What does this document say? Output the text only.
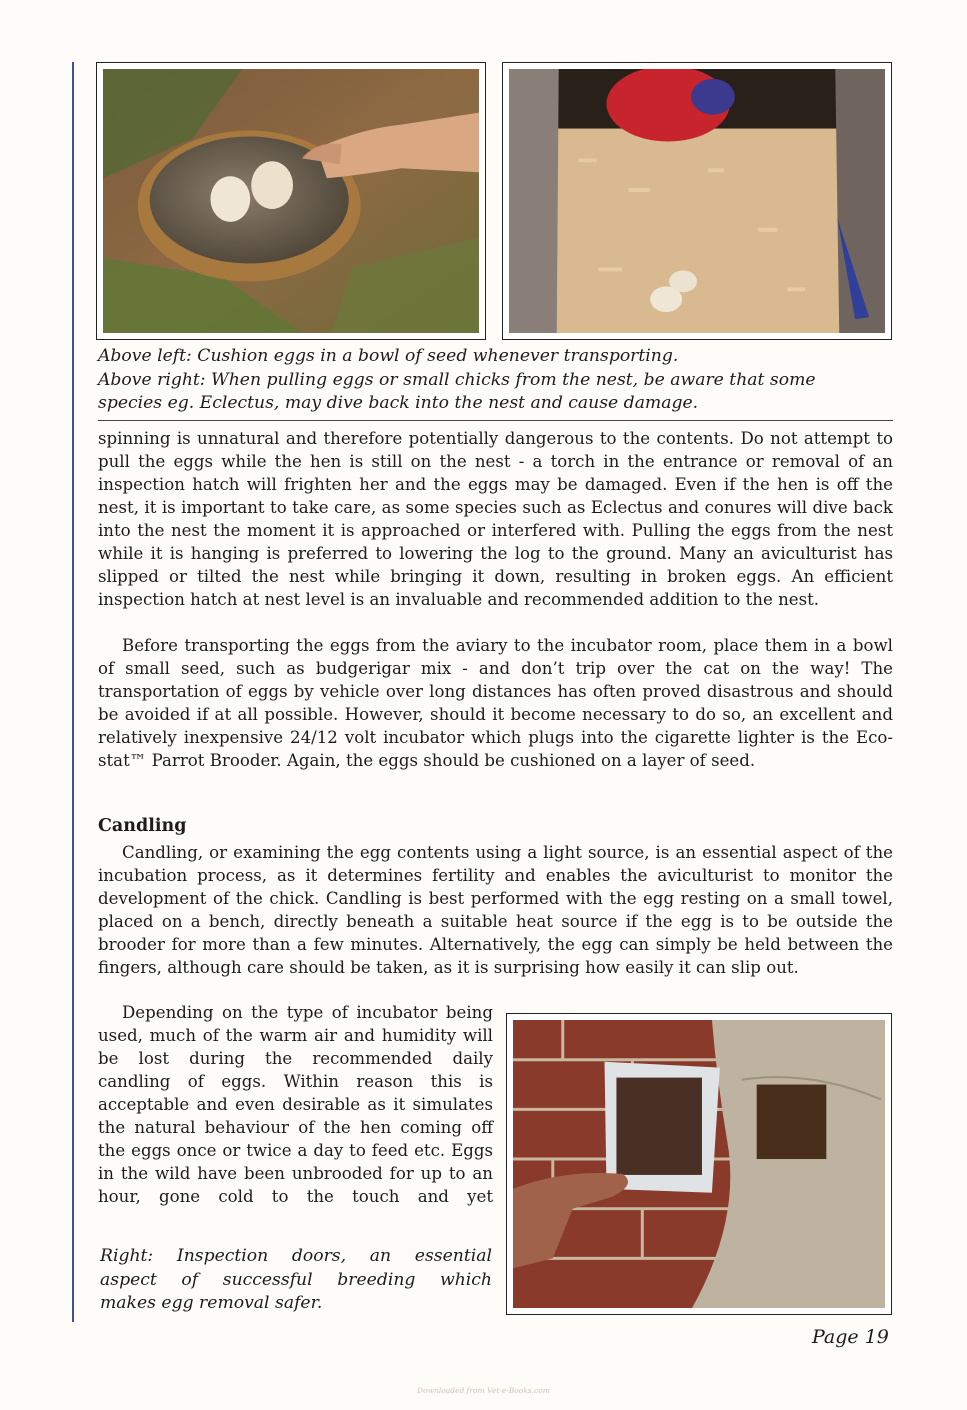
Above left: Cushion eggs in a bowl of seed whenever transporting.
Above right: When pulling eggs or small chicks from the nest, be aware that some
species eg. Eclectus, may dive back into the nest and cause damage.

spinning is unnatural and therefore potentially dangerous to the contents. Do not attempt to pull the eggs while the hen is still on the nest - a torch in the entrance or removal of an inspection hatch will frighten her and the eggs may be damaged. Even if the hen is off the nest, it is important to take care, as some species such as Eclectus and conures will dive back into the nest the moment it is approached or interfered with. Pulling the eggs from the nest while it is hanging is preferred to lowering the log to the ground. Many an aviculturist has slipped or tilted the nest while bringing it down, resulting in broken eggs. An efficient inspection hatch at nest level is an invaluable and recommended addition to the nest.

Before transporting the eggs from the aviary to the incubator room, place them in a bowl of small seed, such as budgerigar mix - and don’t trip over the cat on the way! The transportation of eggs by vehicle over long distances has often proved disastrous and should be avoided if at all possible. However, should it become necessary to do so, an excellent and relatively inexpensive 24/12 volt incubator which plugs into the cigarette lighter is the Eco-stat™ Parrot Brooder. Again, the eggs should be cushioned on a layer of seed.

Candling

Candling, or examining the egg contents using a light source, is an essential aspect of the incubation process, as it determines fertility and enables the aviculturist to monitor the development of the chick. Candling is best performed with the egg resting on a small towel, placed on a bench, directly beneath a suitable heat source if the egg is to be outside the brooder for more than a few minutes. Alternatively, the egg can simply be held between the fingers, although care should be taken, as it is surprising how easily it can slip out.

Depending on the type of incubator being used, much of the warm air and humidity will be lost during the recommended daily candling of eggs. Within reason this is acceptable and even desirable as it simulates the natural behaviour of the hen coming off the eggs once or twice a day to feed etc. Eggs in the wild have been unbrooded for up to an hour, gone cold to the touch and yet

Right: Inspection doors, an essential
aspect of successful breeding which
makes egg removal safer.
Page 19
Downloaded from Vet-e-Books.com
